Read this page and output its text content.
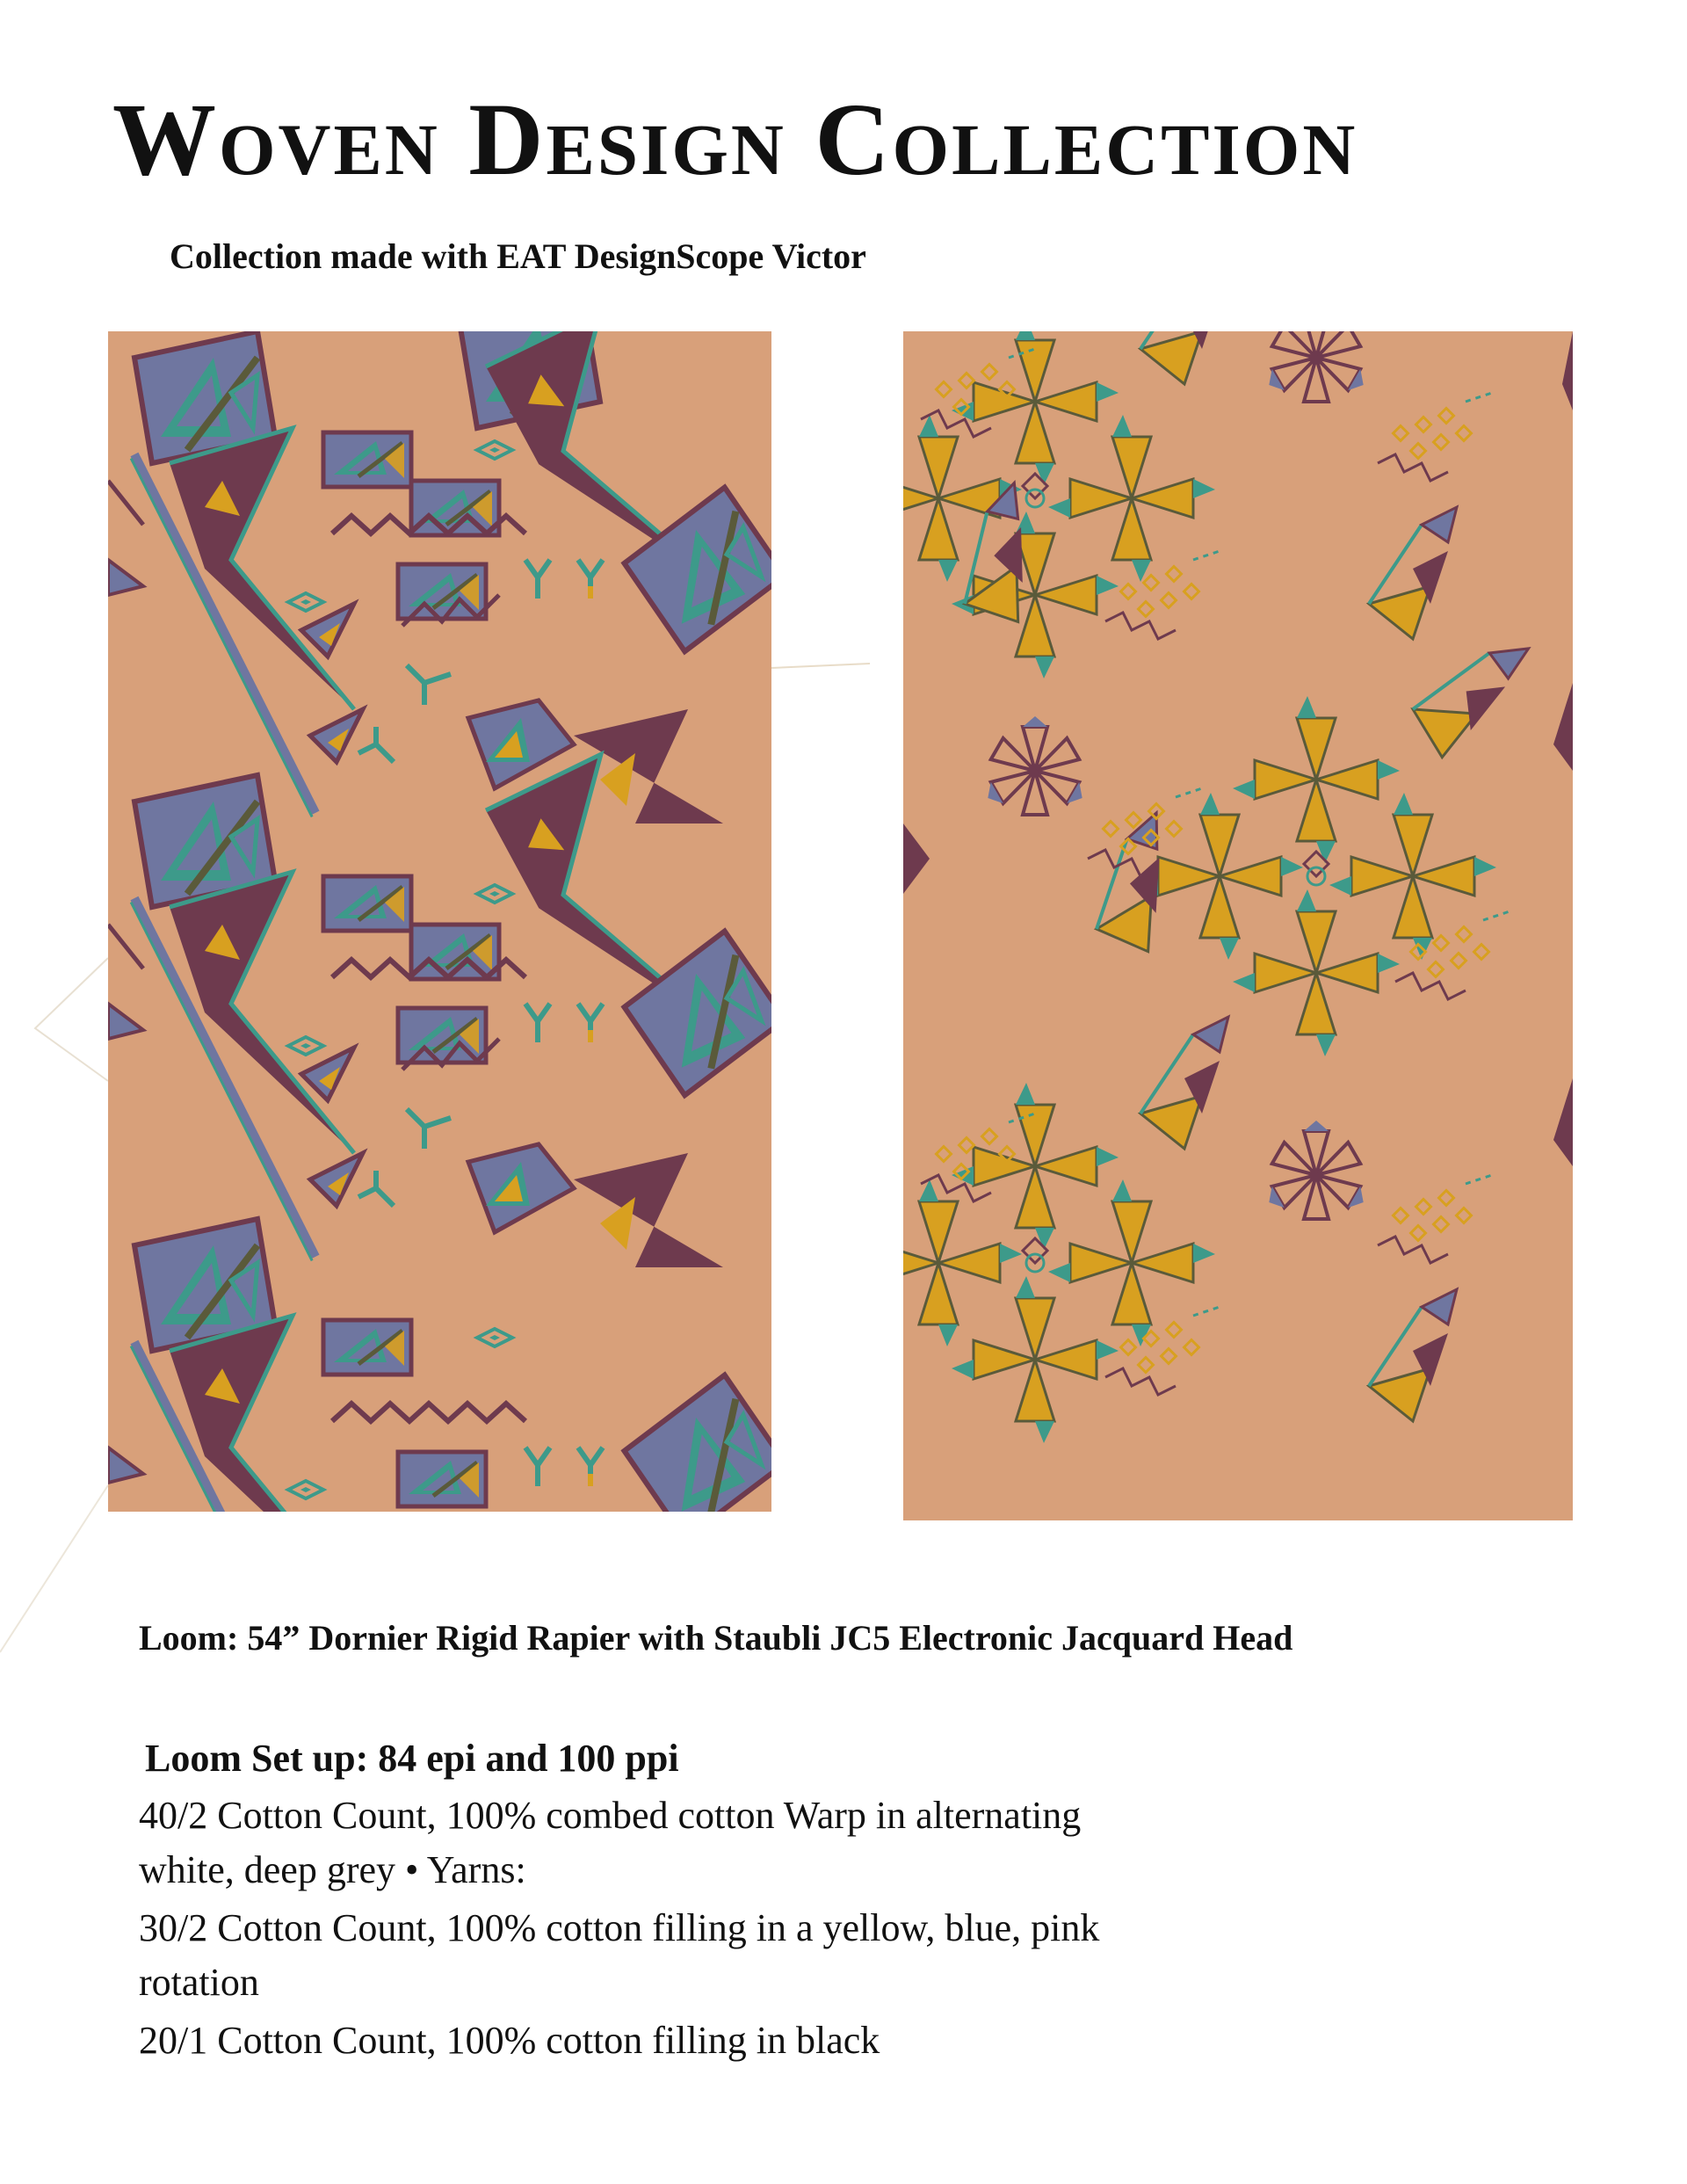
Woven Design Collection

Collection made with EAT DesignScope Victor

Loom: 54” Dornier Rigid Rapier with Staubli JC5 Electronic Jacquard Head

Loom Set up: 84 epi and 100 ppi

40/2 Cotton Count, 100% combed cotton Warp in alternating

white, deep grey • Yarns:

30/2 Cotton Count, 100% cotton filling in a yellow, blue, pink

rotation

20/1 Cotton Count, 100% cotton filling in black
